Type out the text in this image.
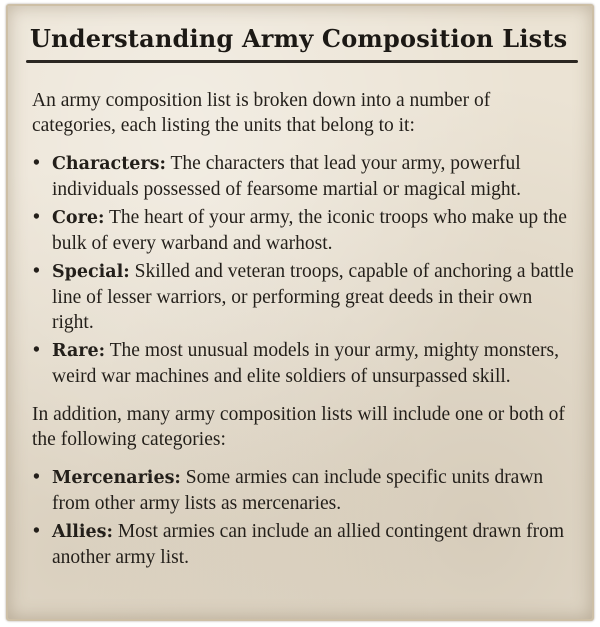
Understanding Army Composition Lists

An army composition list is broken down into a number of categories, each listing the units that belong to it:

• Characters: The characters that lead your army, powerful individuals possessed of fearsome martial or magical might.
• Core: The heart of your army, the iconic troops who make up the bulk of every warband and warhost.
• Special: Skilled and veteran troops, capable of anchoring a battle line of lesser warriors, or performing great deeds in their own right.
• Rare: The most unusual models in your army, mighty monsters, weird war machines and elite soldiers of unsurpassed skill.

In addition, many army composition lists will include one or both of the following categories:

• Mercenaries: Some armies can include specific units drawn from other army lists as mercenaries.
• Allies: Most armies can include an allied contingent drawn from another army list.
